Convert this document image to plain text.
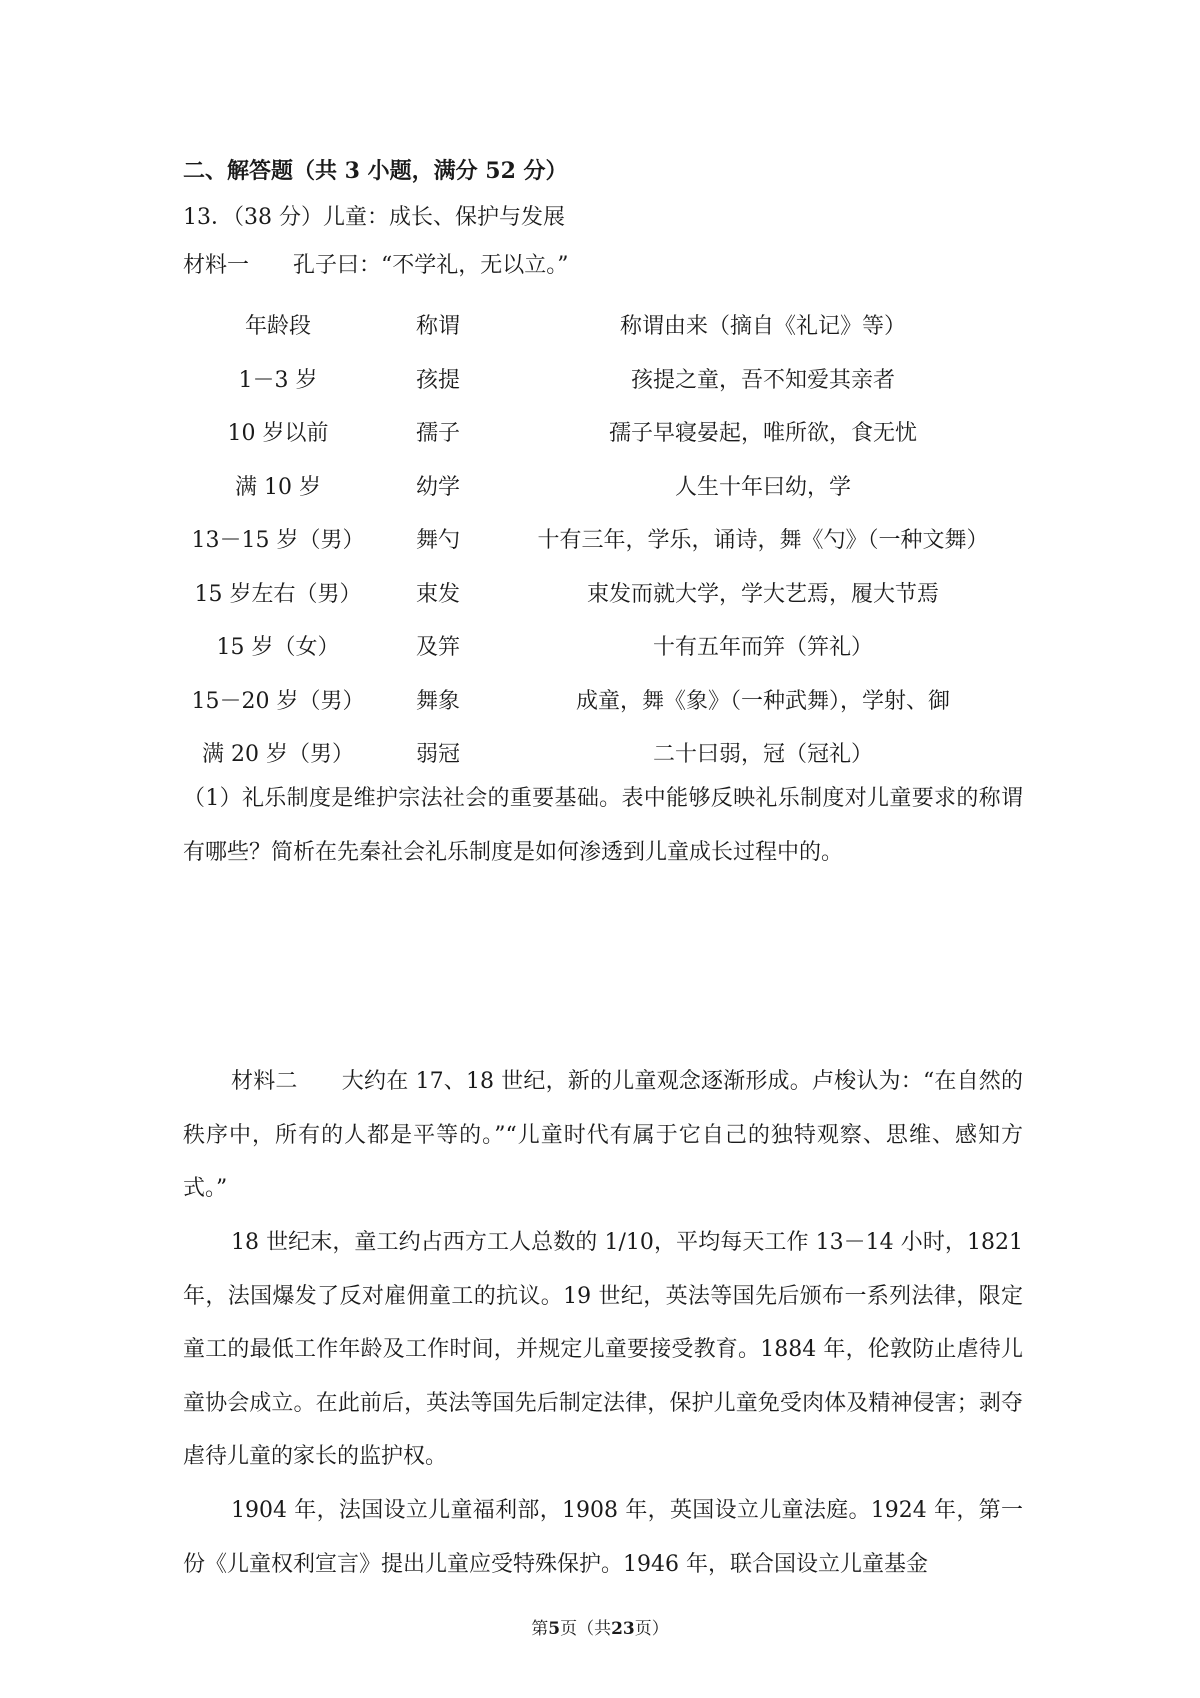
二、解答题（共 3 小题，满分 52 分）
13．（38 分）儿童：成长、保护与发展
材料一 孔子曰：“不学礼，无以立。”
年龄段	称谓	称谓由来（摘自《礼记》等）
1－3 岁	孩提	孩提之童，吾不知爱其亲者
10 岁以前	孺子	孺子早寝晏起，唯所欲，食无忧
满 10 岁	幼学	人生十年曰幼，学
13－15 岁（男）	舞勺	十有三年，学乐，诵诗，舞《勺》（一种文舞）
15 岁左右（男）	束发	束发而就大学，学大艺焉，履大节焉
15 岁（女）	及笄	十有五年而笄（笄礼）
15－20 岁（男）	舞象	成童，舞《象》（一种武舞），学射、御
满 20 岁（男）	弱冠	二十曰弱，冠（冠礼）
（1）礼乐制度是维护宗法社会的重要基础。表中能够反映礼乐制度对儿童要求的称谓有哪些？简析在先秦社会礼乐制度是如何渗透到儿童成长过程中的。
材料二 大约在 17、18 世纪，新的儿童观念逐渐形成。卢梭认为：“在自然的秩序中，所有的人都是平等的。”“儿童时代有属于它自己的独特观察、思维、感知方式。”
18 世纪末，童工约占西方工人总数的 1/10，平均每天工作 13－14 小时，1821 年，法国爆发了反对雇佣童工的抗议。19 世纪，英法等国先后颁布一系列法律，限定童工的最低工作年龄及工作时间，并规定儿童要接受教育。1884 年，伦敦防止虐待儿童协会成立。在此前后，英法等国先后制定法律，保护儿童免受肉体及精神侵害；剥夺虐待儿童的家长的监护权。
1904 年，法国设立儿童福利部，1908 年，英国设立儿童法庭。1924 年，第一份《儿童权利宣言》提出儿童应受特殊保护。1946 年，联合国设立儿童基金
第5页（共23页）
